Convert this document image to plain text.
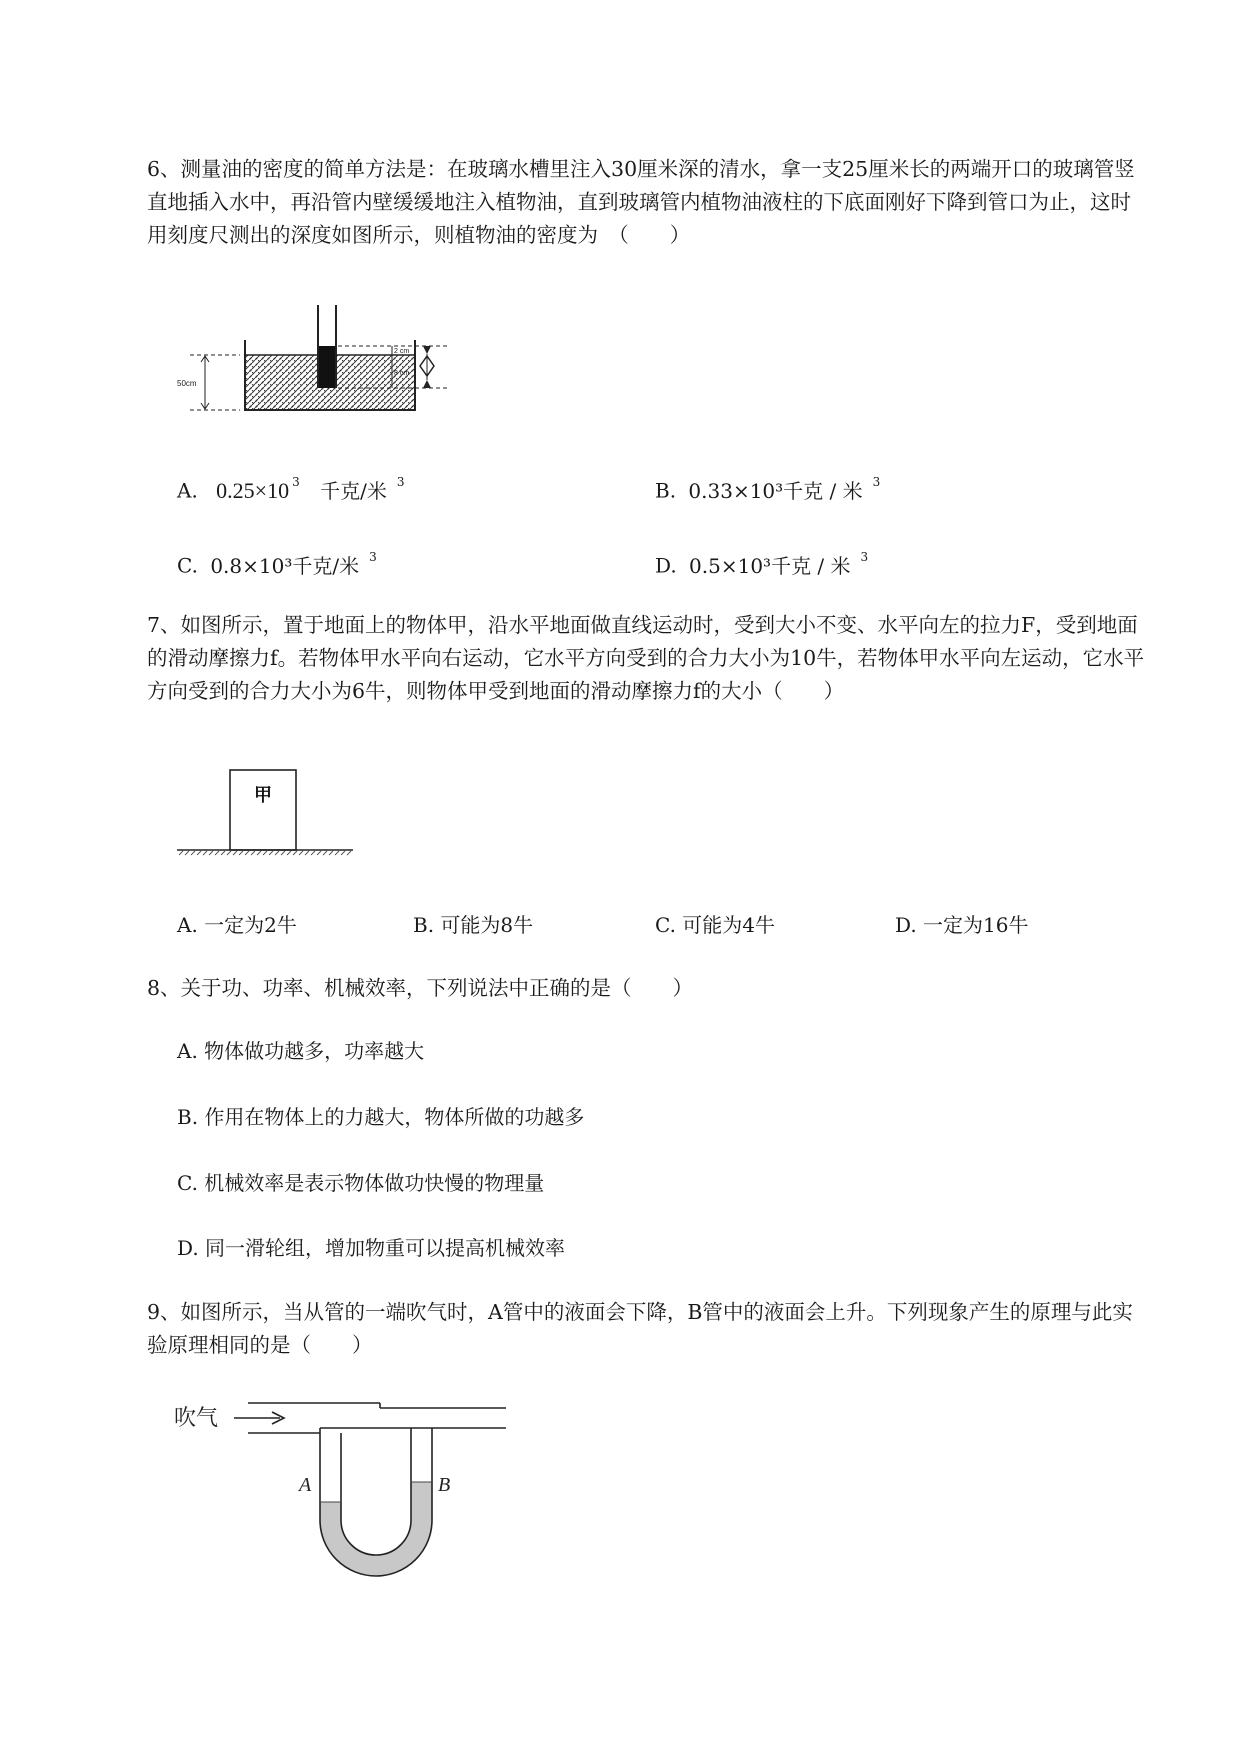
6、测量油的密度的简单方法是：在玻璃水槽里注入30厘米深的清水，拿一支25厘米长的两端开口的玻璃管竖直地插入水中，再沿管内壁缓缓地注入植物油，直到玻璃管内植物油液柱的下底面刚好下降到管口为止，这时用刻度尺测出的深度如图所示，则植物油的密度为　（　　）

50cm
2 cm
8 cm
A. 0.25×10 $^3$ 千克/米 $^3$	B. 0.33×10³千克 / 米 $^3$
C. 0.8×10³千克/米 $^3$	D. 0.5×10³千克 / 米 $^3$

7、如图所示，置于地面上的物体甲，沿水平地面做直线运动时，受到大小不变、水平向左的拉力F，受到地面的滑动摩擦力f。若物体甲水平向右运动，它水平方向受到的合力大小为10牛，若物体甲水平向左运动，它水平方向受到的合力大小为6牛，则物体甲受到地面的滑动摩擦力f的大小（　　）

甲
A. 一定为2牛	B. 可能为8牛	C. 可能为4牛	D. 一定为16牛

8、关于功、功率、机械效率，下列说法中正确的是（　　）

A. 物体做功越多，功率越大
B. 作用在物体上的力越大，物体所做的功越多
C. 机械效率是表示物体做功快慢的物理量
D. 同一滑轮组，增加物重可以提高机械效率

9、如图所示，当从管的一端吹气时，A管中的液面会下降，B管中的液面会上升。下列现象产生的原理与此实验原理相同的是（　　）

吹气
A	B
